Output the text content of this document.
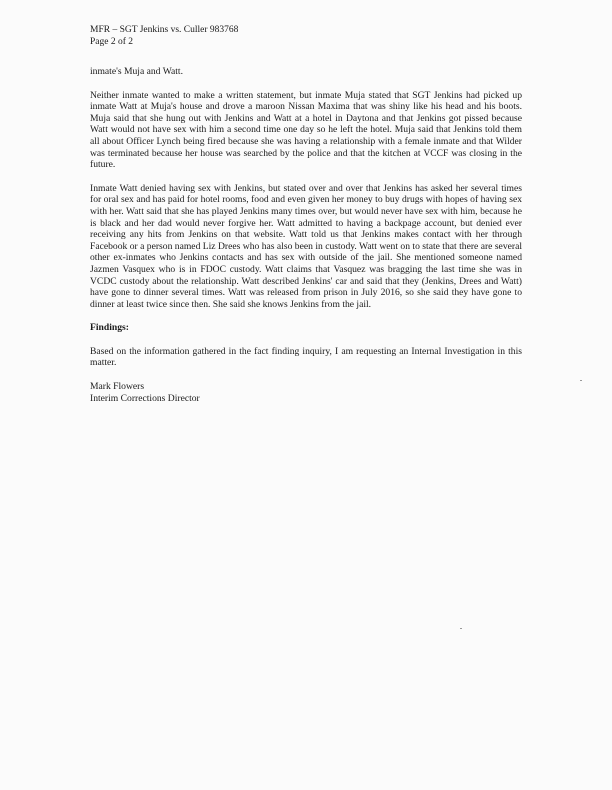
MFR – SGT Jenkins vs. Culler 983768
Page 2 of 2

inmate's Muja and Watt.

Neither inmate wanted to make a written statement, but inmate Muja stated that SGT Jenkins had picked up inmate Watt at Muja's house and drove a maroon Nissan Maxima that was shiny like his head and his boots. Muja said that she hung out with Jenkins and Watt at a hotel in Daytona and that Jenkins got pissed because Watt would not have sex with him a second time one day so he left the hotel. Muja said that Jenkins told them all about Officer Lynch being fired because she was having a relationship with a female inmate and that Wilder was terminated because her house was searched by the police and that the kitchen at VCCF was closing in the future.

Inmate Watt denied having sex with Jenkins, but stated over and over that Jenkins has asked her several times for oral sex and has paid for hotel rooms, food and even given her money to buy drugs with hopes of having sex with her. Watt said that she has played Jenkins many times over, but would never have sex with him, because he is black and her dad would never forgive her. Watt admitted to having a backpage account, but denied ever receiving any hits from Jenkins on that website. Watt told us that Jenkins makes contact with her through Facebook or a person named Liz Drees who has also been in custody. Watt went on to state that there are several other ex-inmates who Jenkins contacts and has sex with outside of the jail. She mentioned someone named Jazmen Vasquex who is in FDOC custody. Watt claims that Vasquez was bragging the last time she was in VCDC custody about the relationship. Watt described Jenkins' car and said that they (Jenkins, Drees and Watt) have gone to dinner several times. Watt was released from prison in July 2016, so she said they have gone to dinner at least twice since then. She said she knows Jenkins from the jail.

Findings:

Based on the information gathered in the fact finding inquiry, I am requesting an Internal Investigation in this matter.

Mark Flowers

Interim Corrections Director
